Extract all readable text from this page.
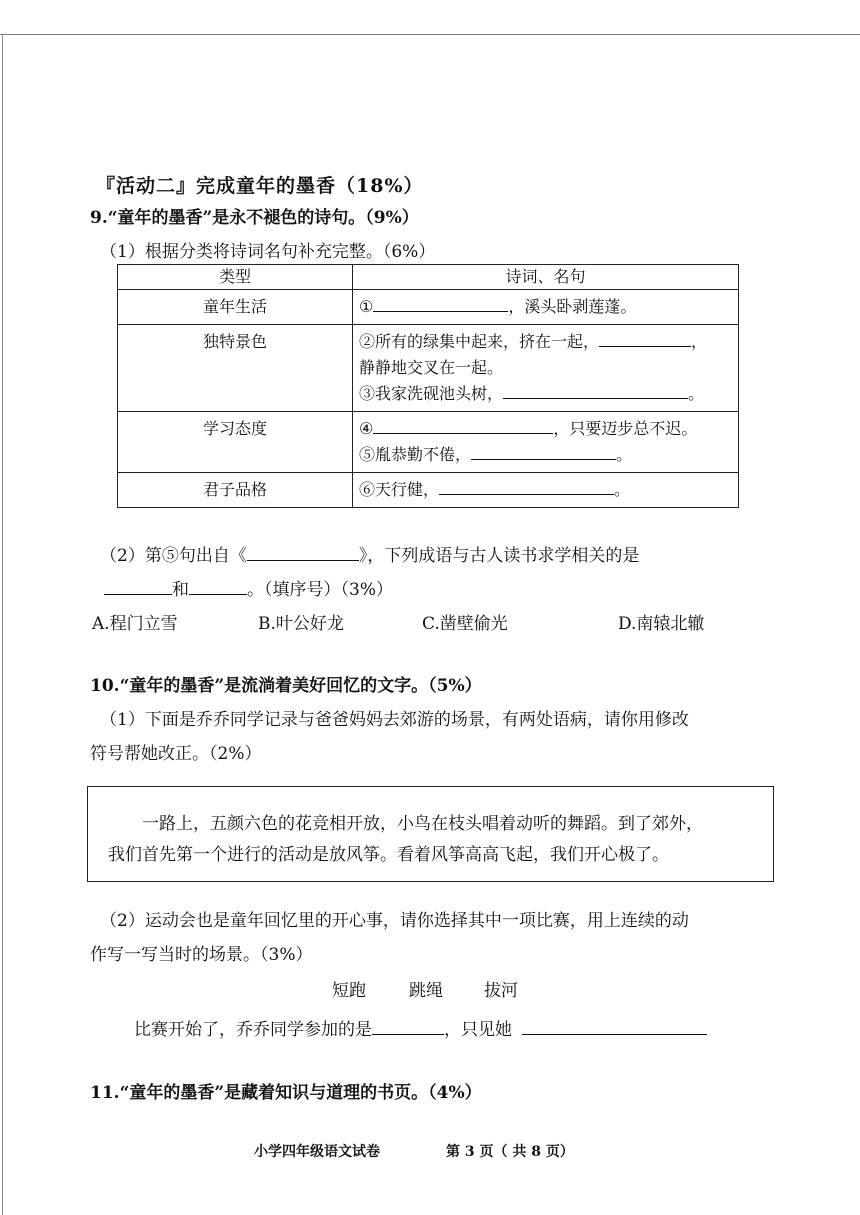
『活动二』完成童年的墨香（18%）
9.“童年的墨香”是永不褪色的诗句。（9%）
（1）根据分类将诗词名句补充完整。（6%）
类型	诗词、名句
童年生活	① ，溪头卧剥莲蓬。

独特景色	②所有的绿集中起来，挤在一起， ，
静静地交叉在一起。
③我家洗砚池头树， 。

学习态度	④ ，只要迈步总不迟。
⑤胤恭勤不倦， 。

君子品格	⑥天行健， 。
（2）第⑤句出自《	》，下列成语与古人读书求学相关的是
和	。（填序号）（3%）
A.程门立雪	B.叶公好龙	C.凿壁偷光	D.南辕北辙
10.“童年的墨香”是流淌着美好回忆的文字。（5%）
（1）下面是乔乔同学记录与爸爸妈妈去郊游的场景，有两处语病，请你用修改
符号帮她改正。（2%）
一路上，五颜六色的花竞相开放，小鸟在枝头唱着动听的舞蹈。到了郊外，
我们首先第一个进行的活动是放风筝。看着风筝高高飞起，我们开心极了。
（2）运动会也是童年回忆里的开心事，请你选择其中一项比赛，用上连续的动
作写一写当时的场景。（3%）
短跑	跳绳 拔河
比赛开始了，乔乔同学参加的是	，只见她
11.“童年的墨香”是藏着知识与道理的书页。（4%）
小学四年级语文试卷	第 3 页（ 共 8 页）
